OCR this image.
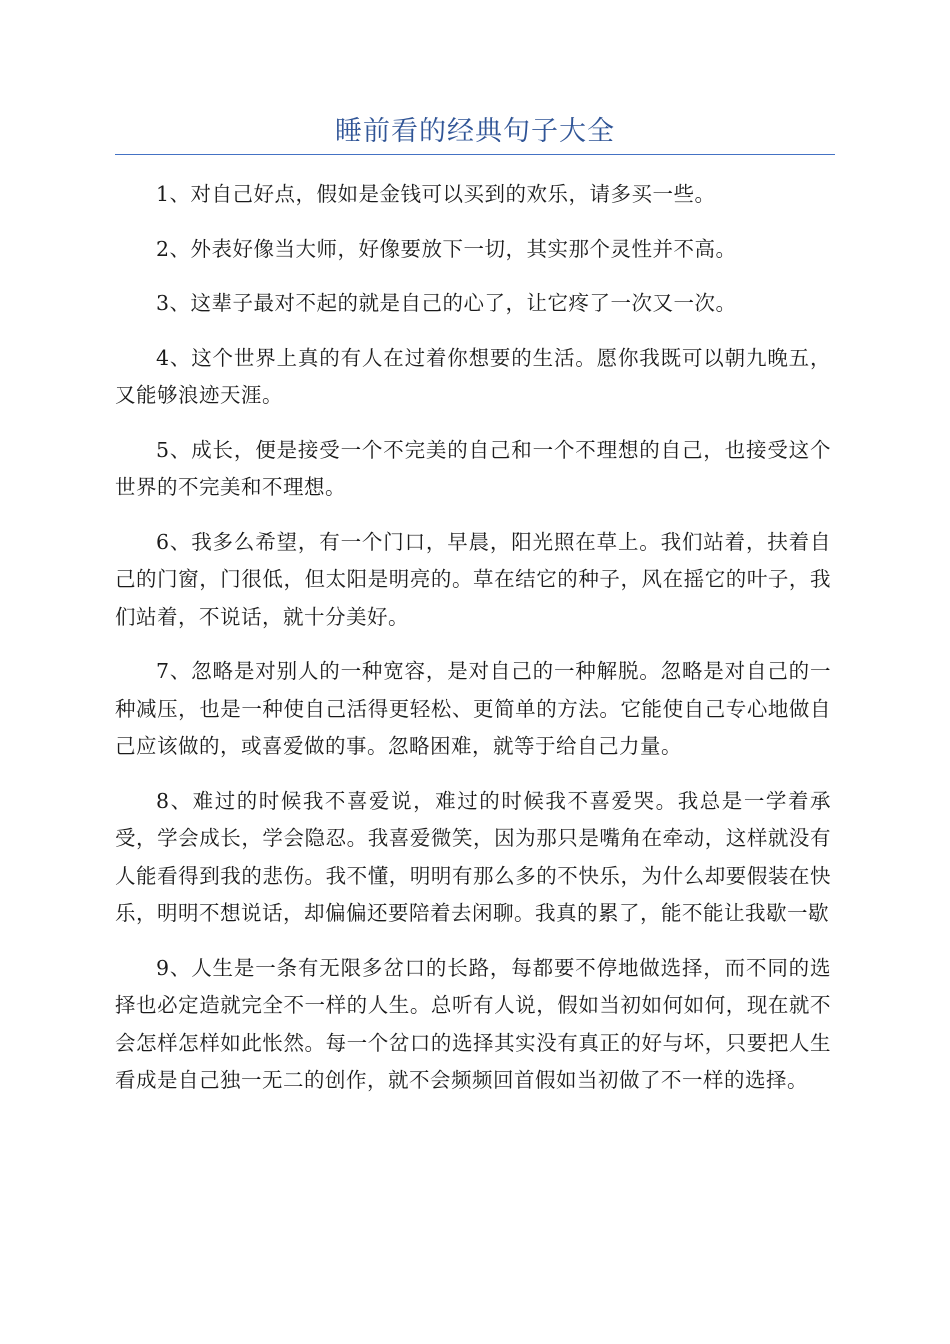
睡前看的经典句子大全

1、对自己好点，假如是金钱可以买到的欢乐，请多买一些。

2、外表好像当大师，好像要放下一切，其实那个灵性并不高。

3、这辈子最对不起的就是自己的心了，让它疼了一次又一次。

4、这个世界上真的有人在过着你想要的生活。愿你我既可以朝九晚五，又能够浪迹天涯。

5、成长，便是接受一个不完美的自己和一个不理想的自己，也接受这个世界的不完美和不理想。

6、我多么希望，有一个门口，早晨，阳光照在草上。我们站着，扶着自己的门窗，门很低，但太阳是明亮的。草在结它的种子，风在摇它的叶子，我们站着，不说话，就十分美好。

7、忽略是对别人的一种宽容，是对自己的一种解脱。忽略是对自己的一种减压，也是一种使自己活得更轻松、更简单的方法。它能使自己专心地做自己应该做的，或喜爱做的事。忽略困难，就等于给自己力量。

8、难过的时候我不喜爱说，难过的时候我不喜爱哭。我总是一学着承受，学会成长，学会隐忍。我喜爱微笑，因为那只是嘴角在牵动，这样就没有人能看得到我的悲伤。我不懂，明明有那么多的不快乐，为什么却要假装在快乐，明明不想说话，却偏偏还要陪着去闲聊。我真的累了，能不能让我歇一歇

9、人生是一条有无限多岔口的长路，每都要不停地做选择，而不同的选择也必定造就完全不一样的人生。总听有人说，假如当初如何如何，现在就不会怎样怎样如此怅然。每一个岔口的选择其实没有真正的好与坏，只要把人生看成是自己独一无二的创作，就不会频频回首假如当初做了不一样的选择。
